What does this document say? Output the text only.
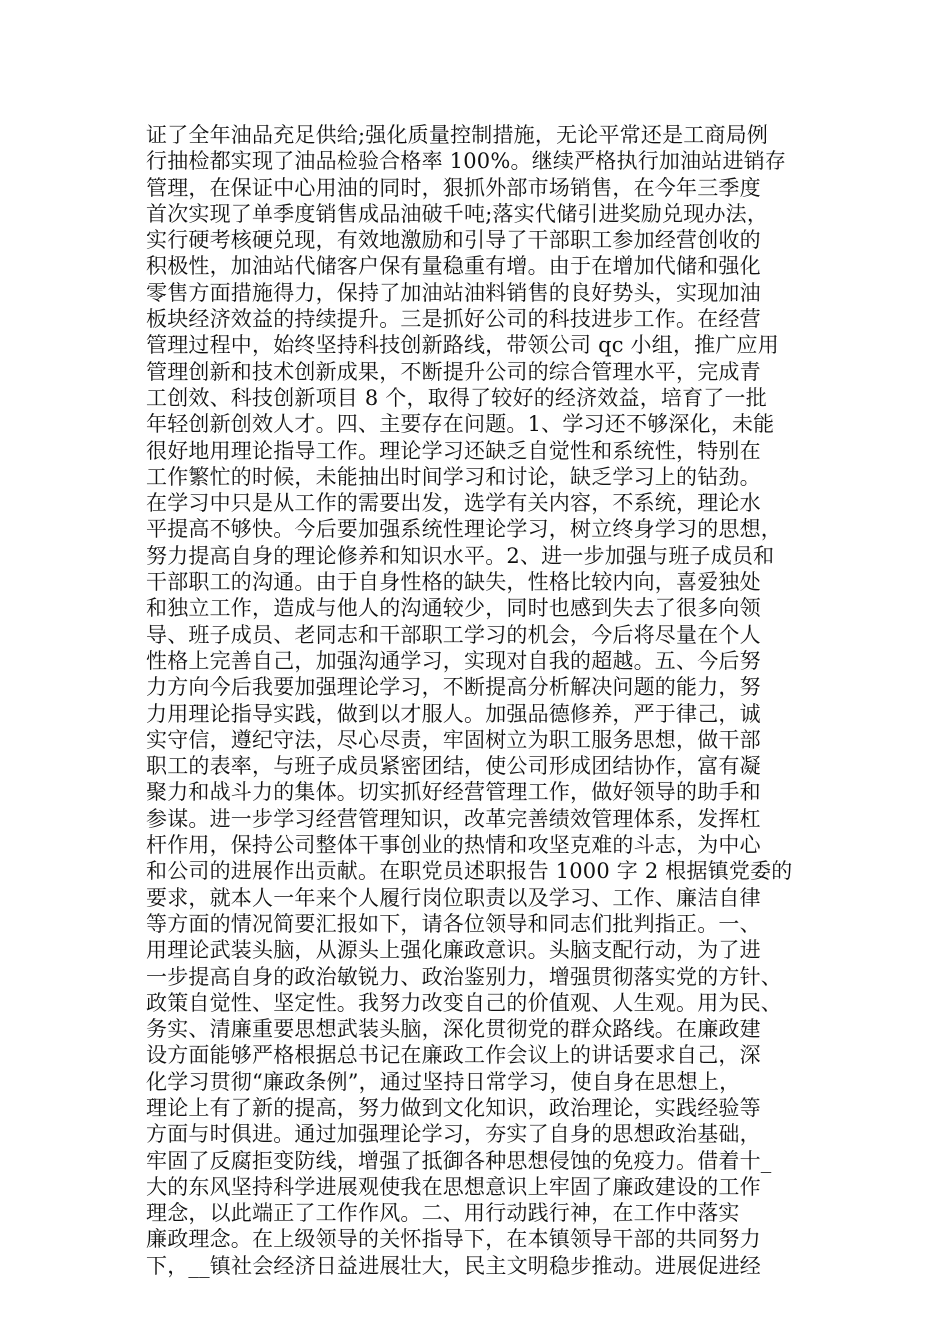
证了全年油品充足供给;强化质量控制措施，无论平常还是工商局例
行抽检都实现了油品检验合格率 100%。继续严格执行加油站进销存
管理，在保证中心用油的同时，狠抓外部市场销售，在今年三季度
首次实现了单季度销售成品油破千吨;落实代储引进奖励兑现办法，
实行硬考核硬兑现，有效地激励和引导了干部职工参加经营创收的
积极性，加油站代储客户保有量稳重有增。由于在增加代储和强化
零售方面措施得力，保持了加油站油料销售的良好势头，实现加油
板块经济效益的持续提升。三是抓好公司的科技进步工作。在经营
管理过程中，始终坚持科技创新路线，带领公司 qc 小组，推广应用
管理创新和技术创新成果，不断提升公司的综合管理水平，完成青
工创效、科技创新项目 8 个，取得了较好的经济效益，培育了一批
年轻创新创效人才。四、主要存在问题。1、学习还不够深化，未能
很好地用理论指导工作。理论学习还缺乏自觉性和系统性，特别在
工作繁忙的时候，未能抽出时间学习和讨论，缺乏学习上的钻劲。
在学习中只是从工作的需要出发，选学有关内容，不系统，理论水
平提高不够快。今后要加强系统性理论学习，树立终身学习的思想，
努力提高自身的理论修养和知识水平。2、进一步加强与班子成员和
干部职工的沟通。由于自身性格的缺失，性格比较内向，喜爱独处
和独立工作，造成与他人的沟通较少，同时也感到失去了很多向领
导、班子成员、老同志和干部职工学习的机会，今后将尽量在个人
性格上完善自己，加强沟通学习，实现对自我的超越。五、今后努
力方向今后我要加强理论学习，不断提高分析解决问题的能力，努
力用理论指导实践，做到以才服人。加强品德修养，严于律己，诚
实守信，遵纪守法，尽心尽责，牢固树立为职工服务思想，做干部
职工的表率，与班子成员紧密团结，使公司形成团结协作，富有凝
聚力和战斗力的集体。切实抓好经营管理工作，做好领导的助手和
参谋。进一步学习经营管理知识，改革完善绩效管理体系，发挥杠
杆作用，保持公司整体干事创业的热情和攻坚克难的斗志，为中心
和公司的进展作出贡献。在职党员述职报告 1000 字 2 根据镇党委的
要求，就本人一年来个人履行岗位职责以及学习、工作、廉洁自律
等方面的情况简要汇报如下，请各位领导和同志们批判指正。一、
用理论武装头脑，从源头上强化廉政意识。头脑支配行动，为了进
一步提高自身的政治敏锐力、政治鉴别力，增强贯彻落实党的方针、
政策自觉性、坚定性。我努力改变自己的价值观、人生观。用为民、
务实、清廉重要思想武装头脑，深化贯彻党的群众路线。在廉政建
设方面能够严格根据总书记在廉政工作会议上的讲话要求自己，深
化学习贯彻“廉政条例”，通过坚持日常学习，使自身在思想上，
理论上有了新的提高，努力做到文化知识，政治理论，实践经验等
方面与时俱进。通过加强理论学习，夯实了自身的思想政治基础，
牢固了反腐拒变防线，增强了抵御各种思想侵蚀的免疫力。借着十_
大的东风坚持科学进展观使我在思想意识上牢固了廉政建设的工作
理念，以此端正了工作作风。二、用行动践行神，在工作中落实
廉政理念。在上级领导的关怀指导下，在本镇领导干部的共同努力
下，__镇社会经济日益进展壮大，民主文明稳步推动。进展促进经
